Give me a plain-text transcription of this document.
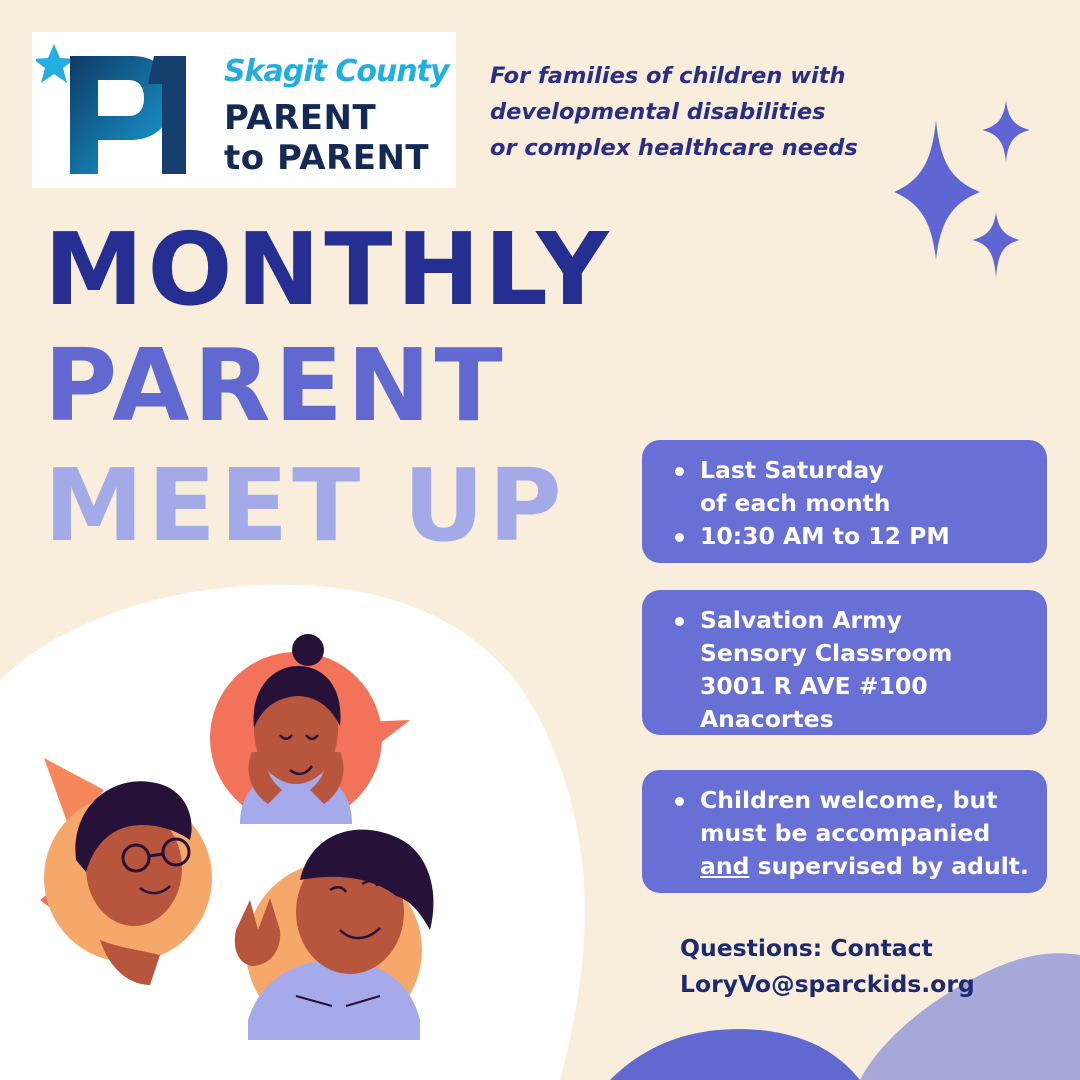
Skagit County
PARENT
to PARENT
For families of children with
developmental disabilities
or complex healthcare needs
MONTHLY
PARENT
MEET UP	Last Saturday
of each month
10:30 AM to 12 PM
Salvation Army
Sensory Classroom
3001 R AVE #100
Anacortes
Children welcome, but
must be accompanied
and supervised by adult.
Questions: Contact
LoryVo@sparckids.org
